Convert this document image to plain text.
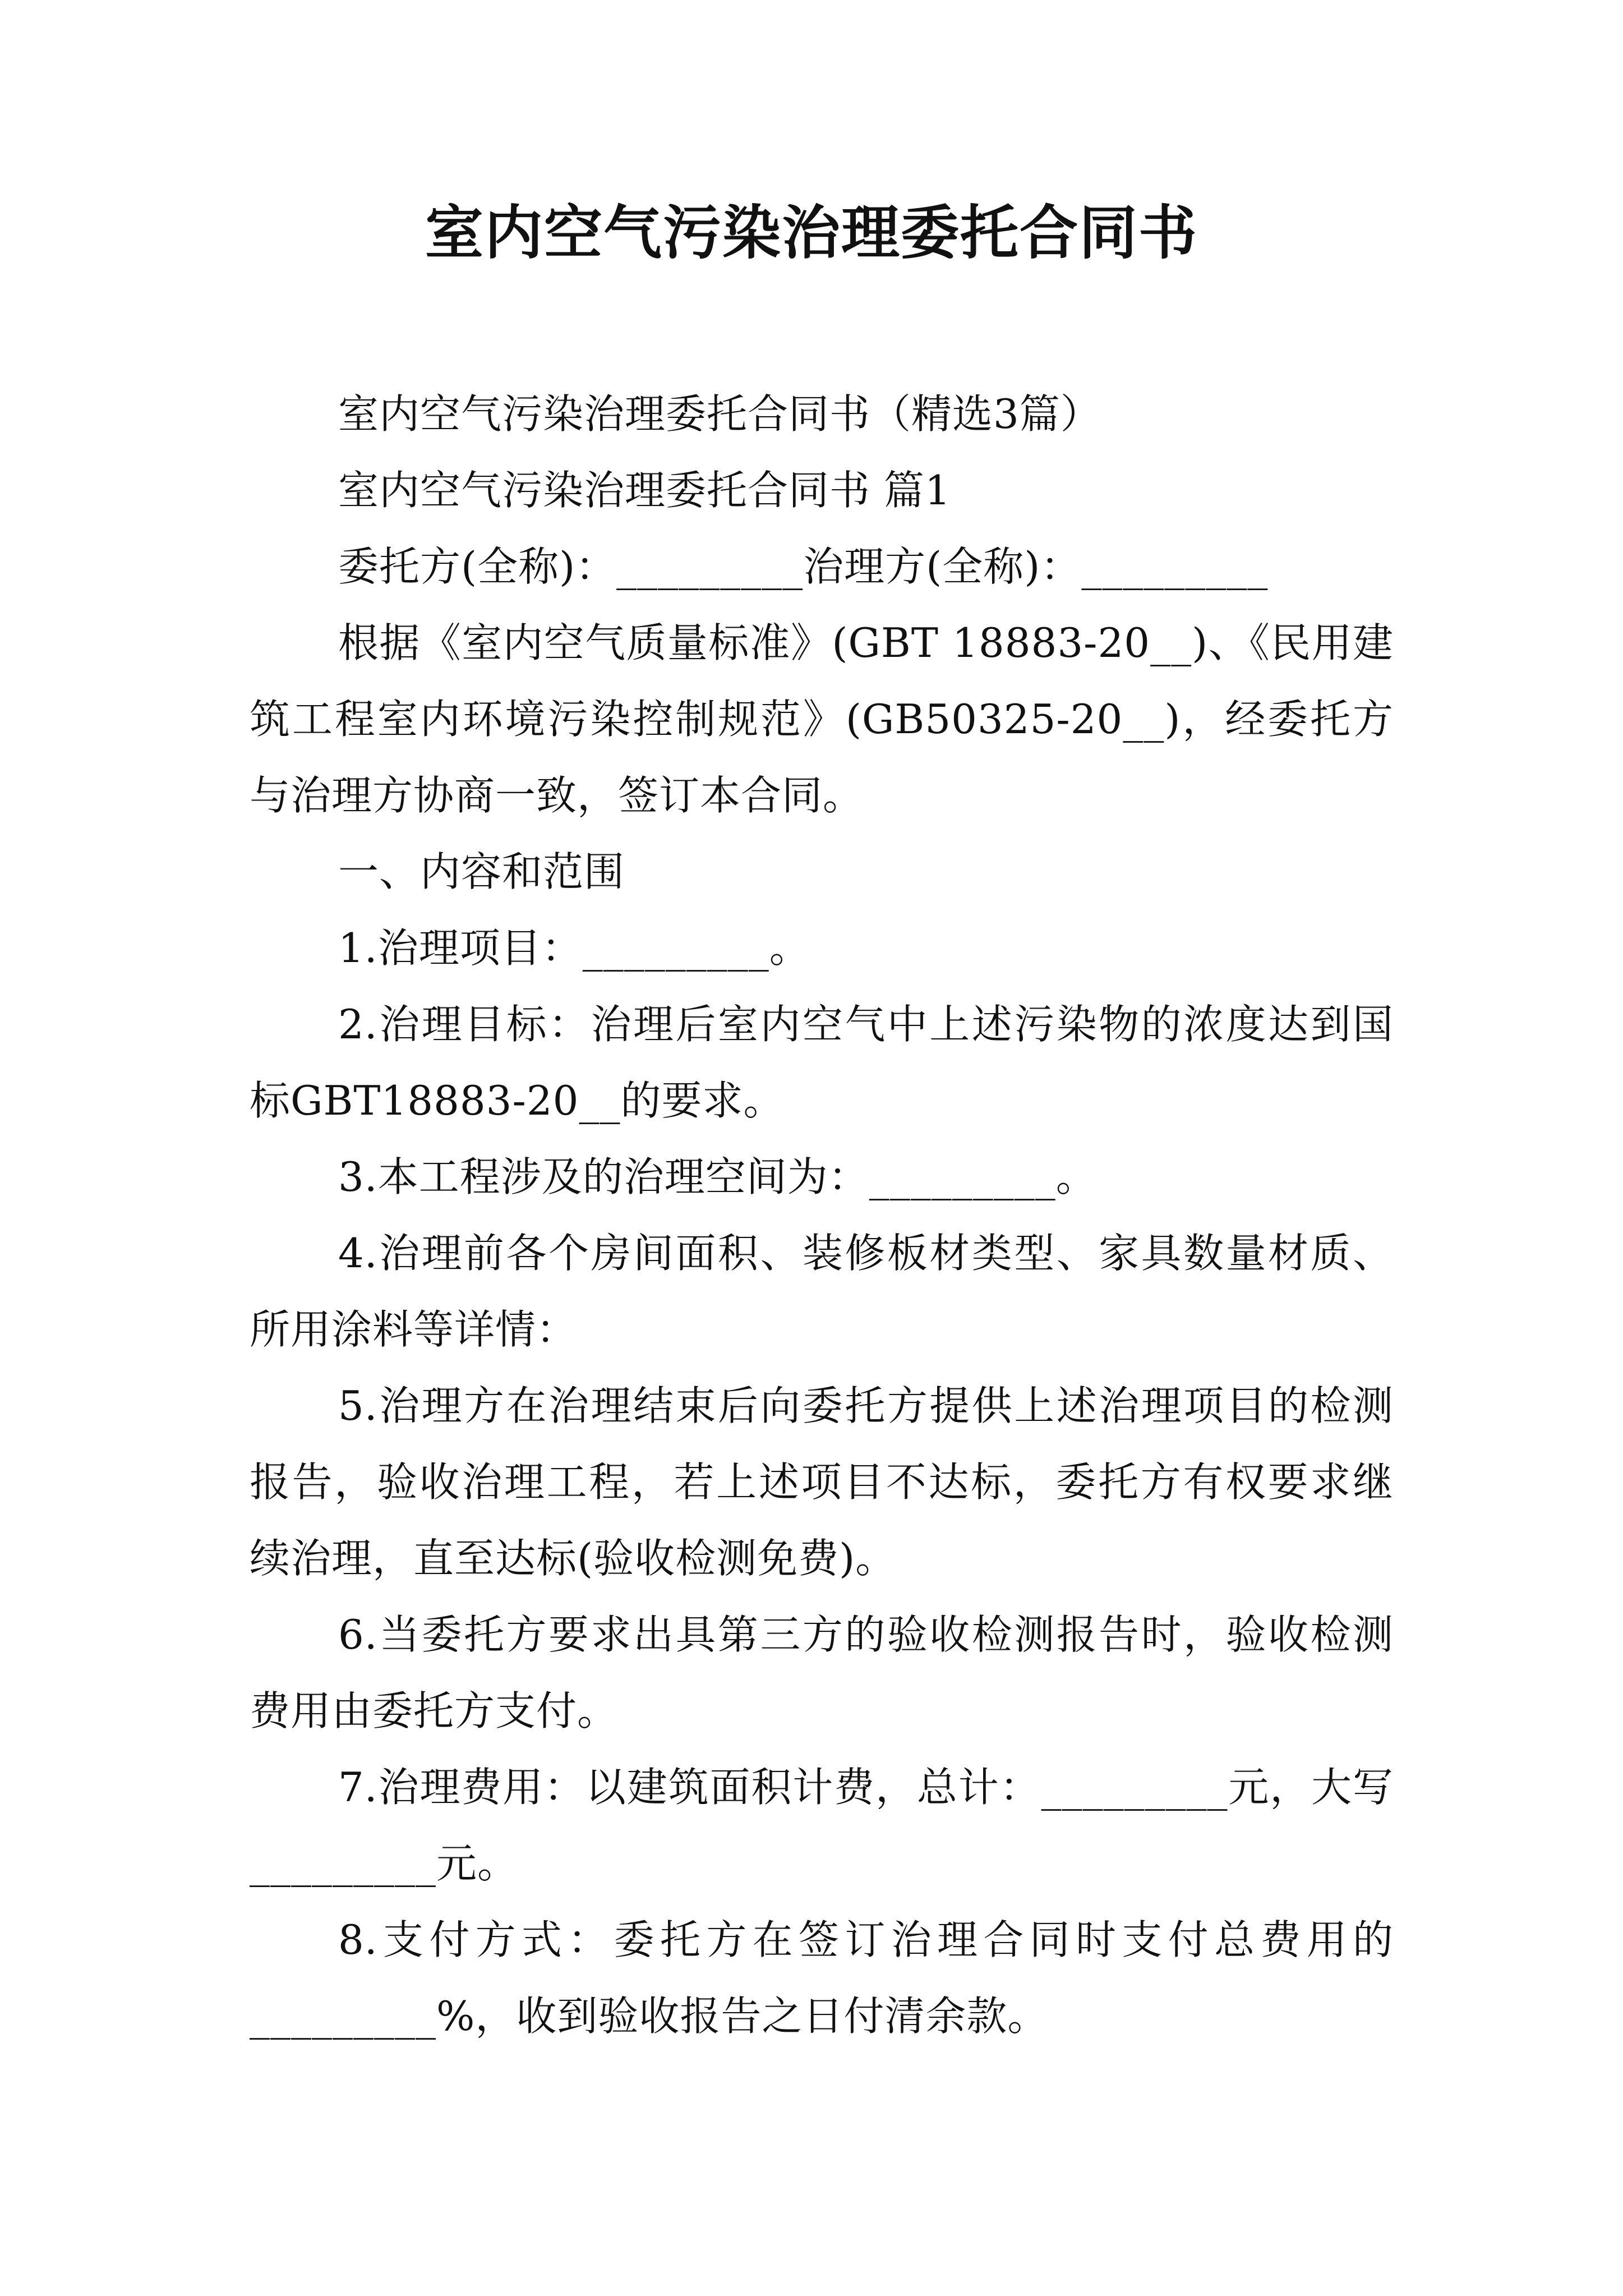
室内空气污染治理委托合同书

室内空气污染治理委托合同书（精选3篇）

室内空气污染治理委托合同书 篇1

委托方(全称)：_________治理方(全称)：_________

根据《室内空气质量标准》(GBT 18883-20__)、《民用建筑工程室内环境污染控制规范》(GB50325-20__)，经委托方与治理方协商一致，签订本合同。

一、内容和范围

1.治理项目：_________。

2.治理目标：治理后室内空气中上述污染物的浓度达到国标GBT18883-20__的要求。

3.本工程涉及的治理空间为：_________。

4.治理前各个房间面积、装修板材类型、家具数量材质、所用涂料等详情：

5.治理方在治理结束后向委托方提供上述治理项目的检测报告，验收治理工程，若上述项目不达标，委托方有权要求继续治理，直至达标(验收检测免费)。

6.当委托方要求出具第三方的验收检测报告时，验收检测费用由委托方支付。

7.治理费用：以建筑面积计费，总计：_________元，大写_________元。

8.支付方式：委托方在签订治理合同时支付总费用的_________%，收到验收报告之日付清余款。
